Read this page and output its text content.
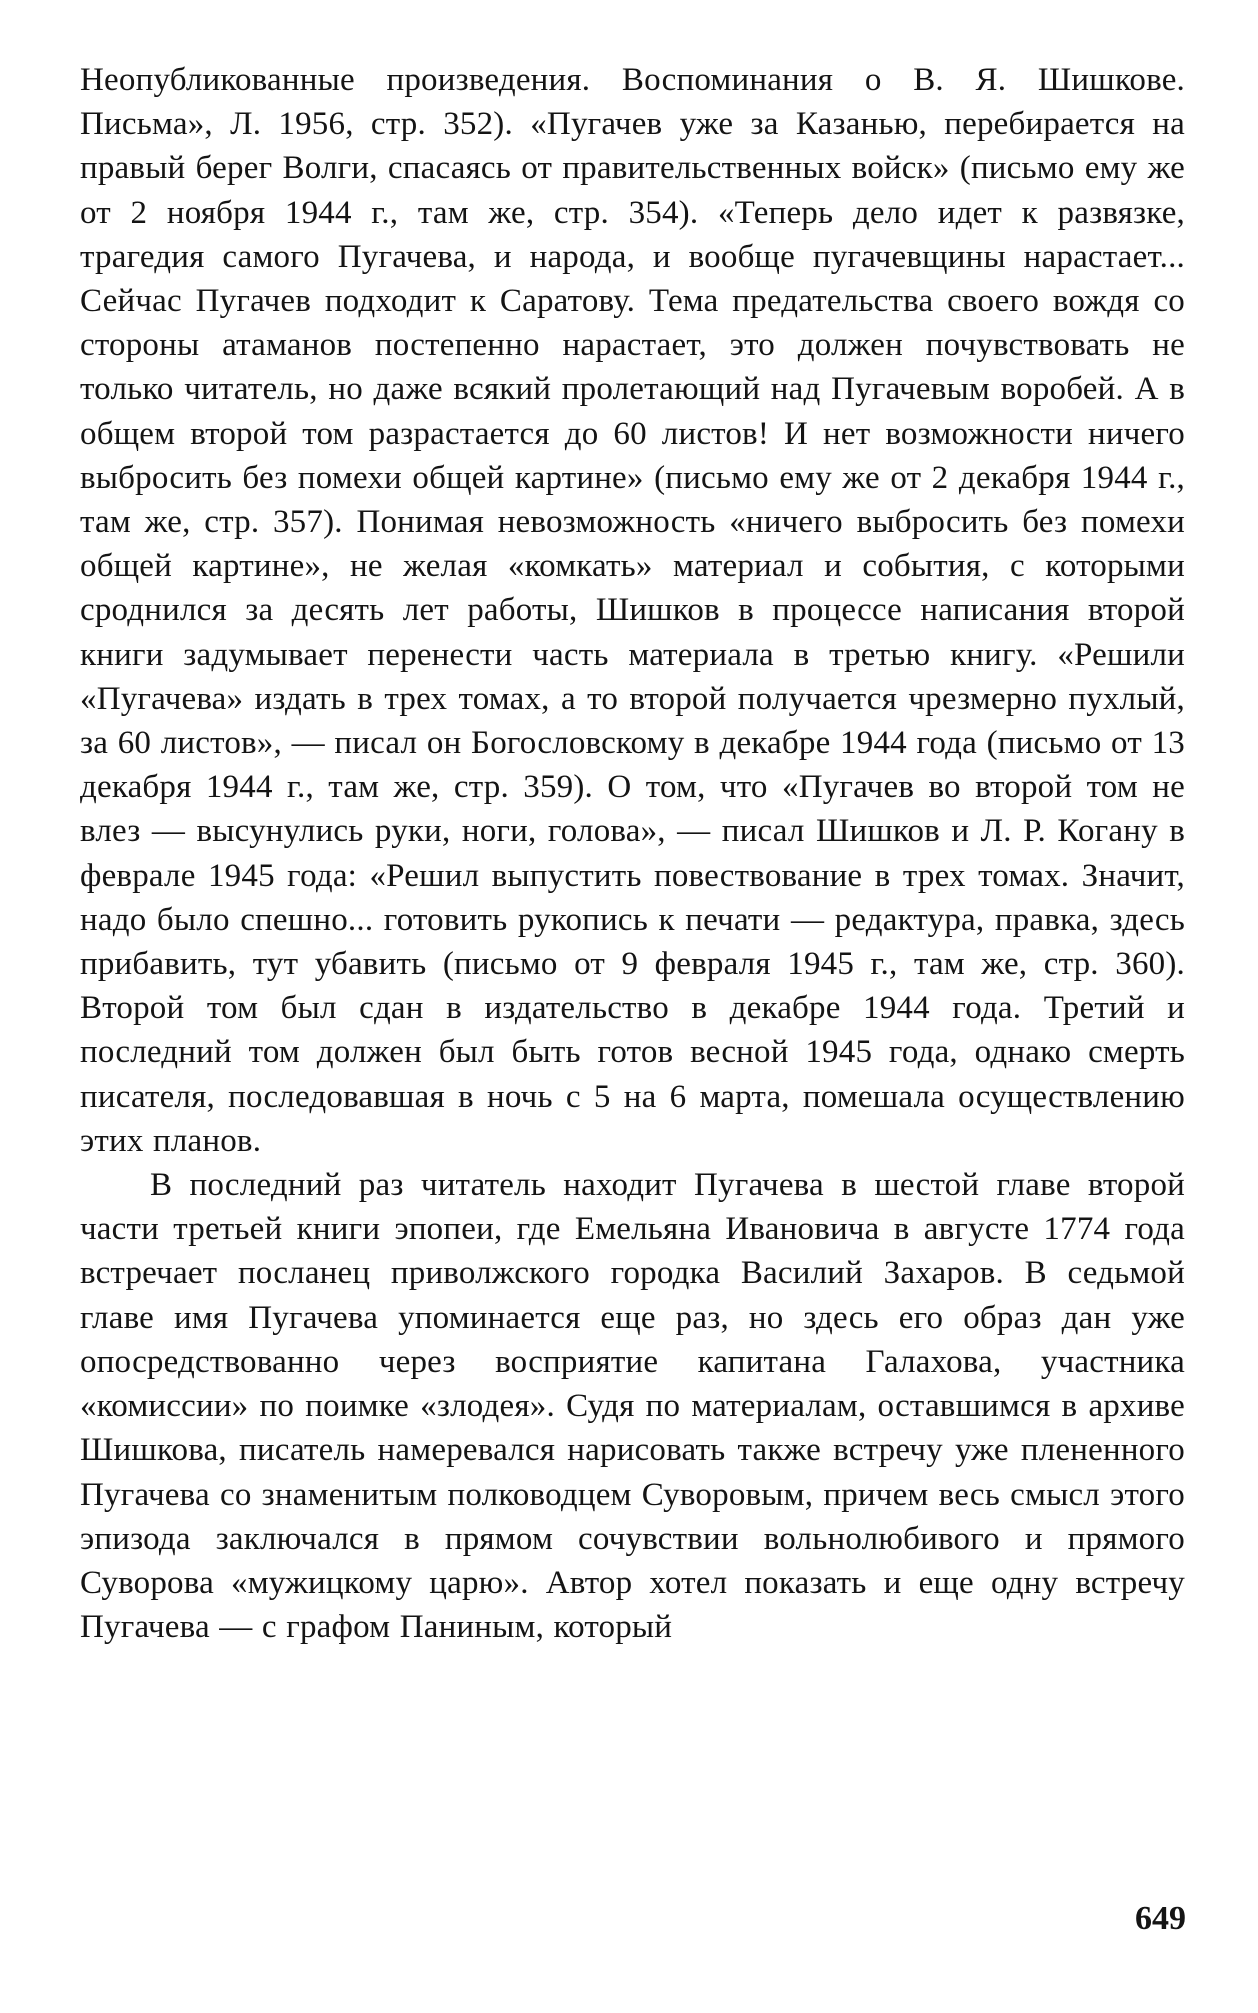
Неопубликованные произведения. Воспоминания о В. Я. Шишкове. Письма», Л. 1956, стр. 352). «Пугачев уже за Казанью, перебирается на правый берег Волги, спасаясь от правительственных войск» (письмо ему же от 2 ноября 1944 г., там же, стр. 354). «Теперь дело идет к развязке, трагедия самого Пугачева, и народа, и вообще пугачевщины нарастает... Сейчас Пугачев подходит к Саратову. Тема предательства своего вождя со стороны атаманов постепенно нарастает, это должен почувствовать не только читатель, но даже всякий пролетающий над Пугачевым воробей. А в общем второй том разрастается до 60 листов! И нет возможности ничего выбросить без помехи общей картине» (письмо ему же от 2 декабря 1944 г., там же, стр. 357). Понимая невозможность «ничего выбросить без помехи общей картине», не желая «комкать» материал и события, с которыми сроднился за десять лет работы, Шишков в процессе написания второй книги задумывает перенести часть материала в третью книгу. «Решили «Пугачева» издать в трех томах, а то второй получается чрезмерно пухлый, за 60 листов», — писал он Богословскому в декабре 1944 года (письмо от 13 декабря 1944 г., там же, стр. 359). О том, что «Пугачев во второй том не влез — высунулись руки, ноги, голова», — писал Шишков и Л. Р. Когану в феврале 1945 года: «Решил выпустить повествование в трех томах. Значит, надо было спешно... готовить рукопись к печати — редактура, правка, здесь прибавить, тут убавить (письмо от 9 февраля 1945 г., там же, стр. 360). Второй том был сдан в издательство в декабре 1944 года. Третий и последний том должен был быть готов весной 1945 года, однако смерть писателя, последовавшая в ночь с 5 на 6 марта, помешала осуществлению этих планов.

В последний раз читатель находит Пугачева в шестой главе второй части третьей книги эпопеи, где Емельяна Ивановича в августе 1774 года встречает посланец приволжского городка Василий Захаров. В седьмой главе имя Пугачева упоминается еще раз, но здесь его образ дан уже опосредствованно через восприятие капитана Галахова, участника «комиссии» по поимке «злодея». Судя по материалам, оставшимся в архиве Шишкова, писатель намеревался нарисовать также встречу уже плененного Пугачева со знаменитым полководцем Суворовым, причем весь смысл этого эпизода заключался в прямом сочувствии вольнолюбивого и прямого Суворова «мужицкому царю». Автор хотел показать и еще одну встречу Пугачева — с графом Паниным, который

649
